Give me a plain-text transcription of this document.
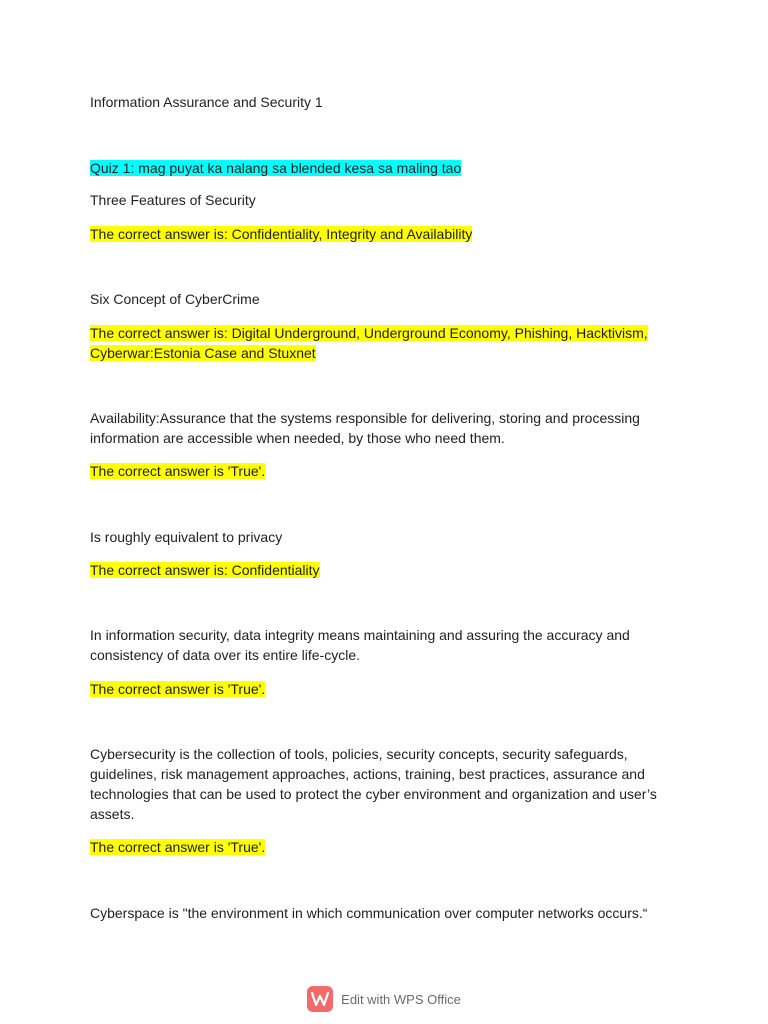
Information Assurance and Security 1

Quiz 1: mag puyat ka nalang sa blended kesa sa maling tao

Three Features of Security

The correct answer is: Confidentiality, Integrity and Availability

Six Concept of CyberCrime

The correct answer is: Digital Underground, Underground Economy, Phishing, Hacktivism,

Cyberwar:Estonia Case and Stuxnet

Availability:Assurance that the systems responsible for delivering, storing and processing information are accessible when needed, by those who need them.

The correct answer is 'True'.

Is roughly equivalent to privacy

The correct answer is: Confidentiality

In information security, data integrity means maintaining and assuring the accuracy and consistency of data over its entire life-cycle.

The correct answer is 'True'.

Cybersecurity is the collection of tools, policies, security concepts, security safeguards, guidelines, risk management approaches, actions, training, best practices, assurance and technologies that can be used to protect the cyber environment and organization and user’s assets.

The correct answer is 'True'.

Cyberspace is "the environment in which communication over computer networks occurs.“

Edit with WPS Office
